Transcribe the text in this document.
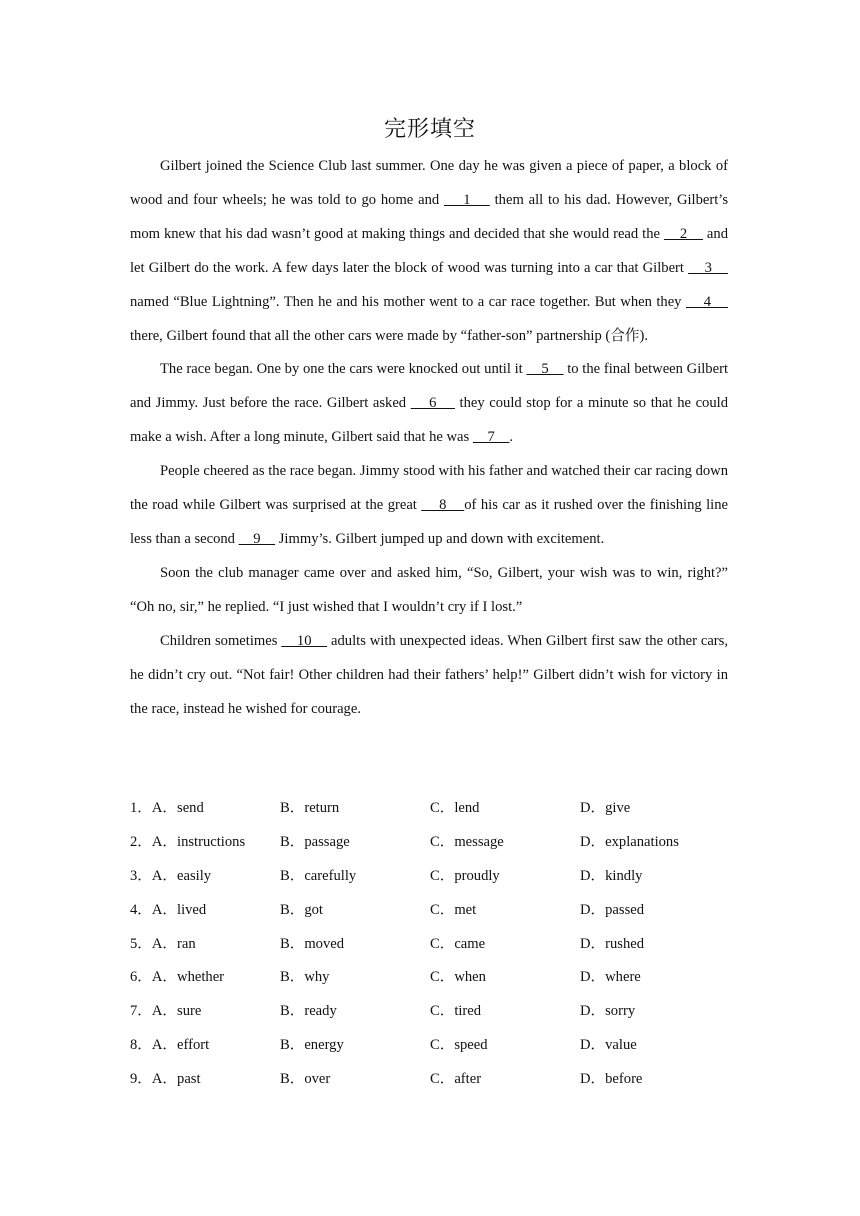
完形填空

Gilbert joined the Science Club last summer. One day he was given a piece of paper, a block of wood and four wheels; he was told to go home and     1     them all to his dad. However, Gilbert’s mom knew that his dad wasn’t good at making things and decided that she would read the     2     and let Gilbert do the work. A few days later the block of wood was turning into a car that Gilbert     3     named “Blue Lightning”. Then he and his mother went to a car race together. But when they     4     there, Gilbert found that all the other cars were made by “father-son” partnership (合作).

The race began. One by one the cars were knocked out until it     5     to the final between Gilbert and Jimmy. Just before the race. Gilbert asked     6     they could stop for a minute so that he could make a wish. After a long minute, Gilbert said that he was     7    .

People cheered as the race began. Jimmy stood with his father and watched their car racing down the road while Gilbert was surprised at the great     8    of his car as it rushed over the finishing line less than a second     9     Jimmy’s. Gilbert jumped up and down with excitement.

Soon the club manager came over and asked him, “So, Gilbert, your wish was to win, right?” “Oh no, sir,” he replied. “I just wished that I wouldn’t cry if I lost.”

Children sometimes     10     adults with unexpected ideas. When Gilbert first saw the other cars, he didn’t cry out. “Not fair! Other children had their fathers’ help!” Gilbert didn’t wish for victory in the race, instead he wished for courage.

1．A．send	B．return	C．lend	D．give
2．A．instructions	B．passage	C．message	D．explanations
3．A．easily	B．carefully	C．proudly	D．kindly
4．A．lived	B．got	C．met	D．passed
5．A．ran	B．moved	C．came	D．rushed
6．A．whether	B．why	C．when	D．where
7．A．sure	B．ready	C．tired	D．sorry
8．A．effort	B．energy	C．speed	D．value
9．A．past	B．over	C．after	D．before
